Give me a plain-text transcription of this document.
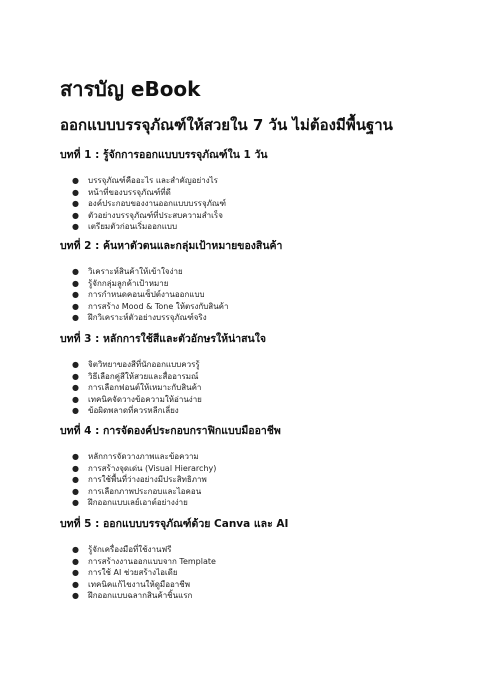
สารบัญ eBook
ออกแบบบรรจุภัณฑ์ให้สวยใน 7 วัน ไม่ต้องมีพื้นฐาน
บทที่ 1 : รู้จักการออกแบบบรรจุภัณฑ์ใน 1 วัน
● บรรจุภัณฑ์คืออะไร และสำคัญอย่างไร
● หน้าที่ของบรรจุภัณฑ์ที่ดี
● องค์ประกอบของงานออกแบบบรรจุภัณฑ์
● ตัวอย่างบรรจุภัณฑ์ที่ประสบความสำเร็จ
● เตรียมตัวก่อนเริ่มออกแบบ
บทที่ 2 : ค้นหาตัวตนและกลุ่มเป้าหมายของสินค้า
● วิเคราะห์สินค้าให้เข้าใจง่าย
● รู้จักกลุ่มลูกค้าเป้าหมาย
● การกำหนดคอนเซ็ปต์งานออกแบบ
● การสร้าง Mood & Tone ให้ตรงกับสินค้า
● ฝึกวิเคราะห์ตัวอย่างบรรจุภัณฑ์จริง
บทที่ 3 : หลักการใช้สีและตัวอักษรให้น่าสนใจ
● จิตวิทยาของสีที่นักออกแบบควรรู้
● วิธีเลือกคู่สีให้สวยและสื่ออารมณ์
● การเลือกฟอนต์ให้เหมาะกับสินค้า
● เทคนิคจัดวางข้อความให้อ่านง่าย
● ข้อผิดพลาดที่ควรหลีกเลี่ยง
บทที่ 4 : การจัดองค์ประกอบกราฟิกแบบมืออาชีพ
● หลักการจัดวางภาพและข้อความ
● การสร้างจุดเด่น (Visual Hierarchy)
● การใช้พื้นที่ว่างอย่างมีประสิทธิภาพ
● การเลือกภาพประกอบและไอคอน
● ฝึกออกแบบเลย์เอาต์อย่างง่าย
บทที่ 5 : ออกแบบบรรจุภัณฑ์ด้วย Canva และ AI
● รู้จักเครื่องมือที่ใช้งานฟรี
● การสร้างงานออกแบบจาก Template
● การใช้ AI ช่วยสร้างไอเดีย
● เทคนิคแก้ไขงานให้ดูมืออาชีพ
● ฝึกออกแบบฉลากสินค้าชิ้นแรก
